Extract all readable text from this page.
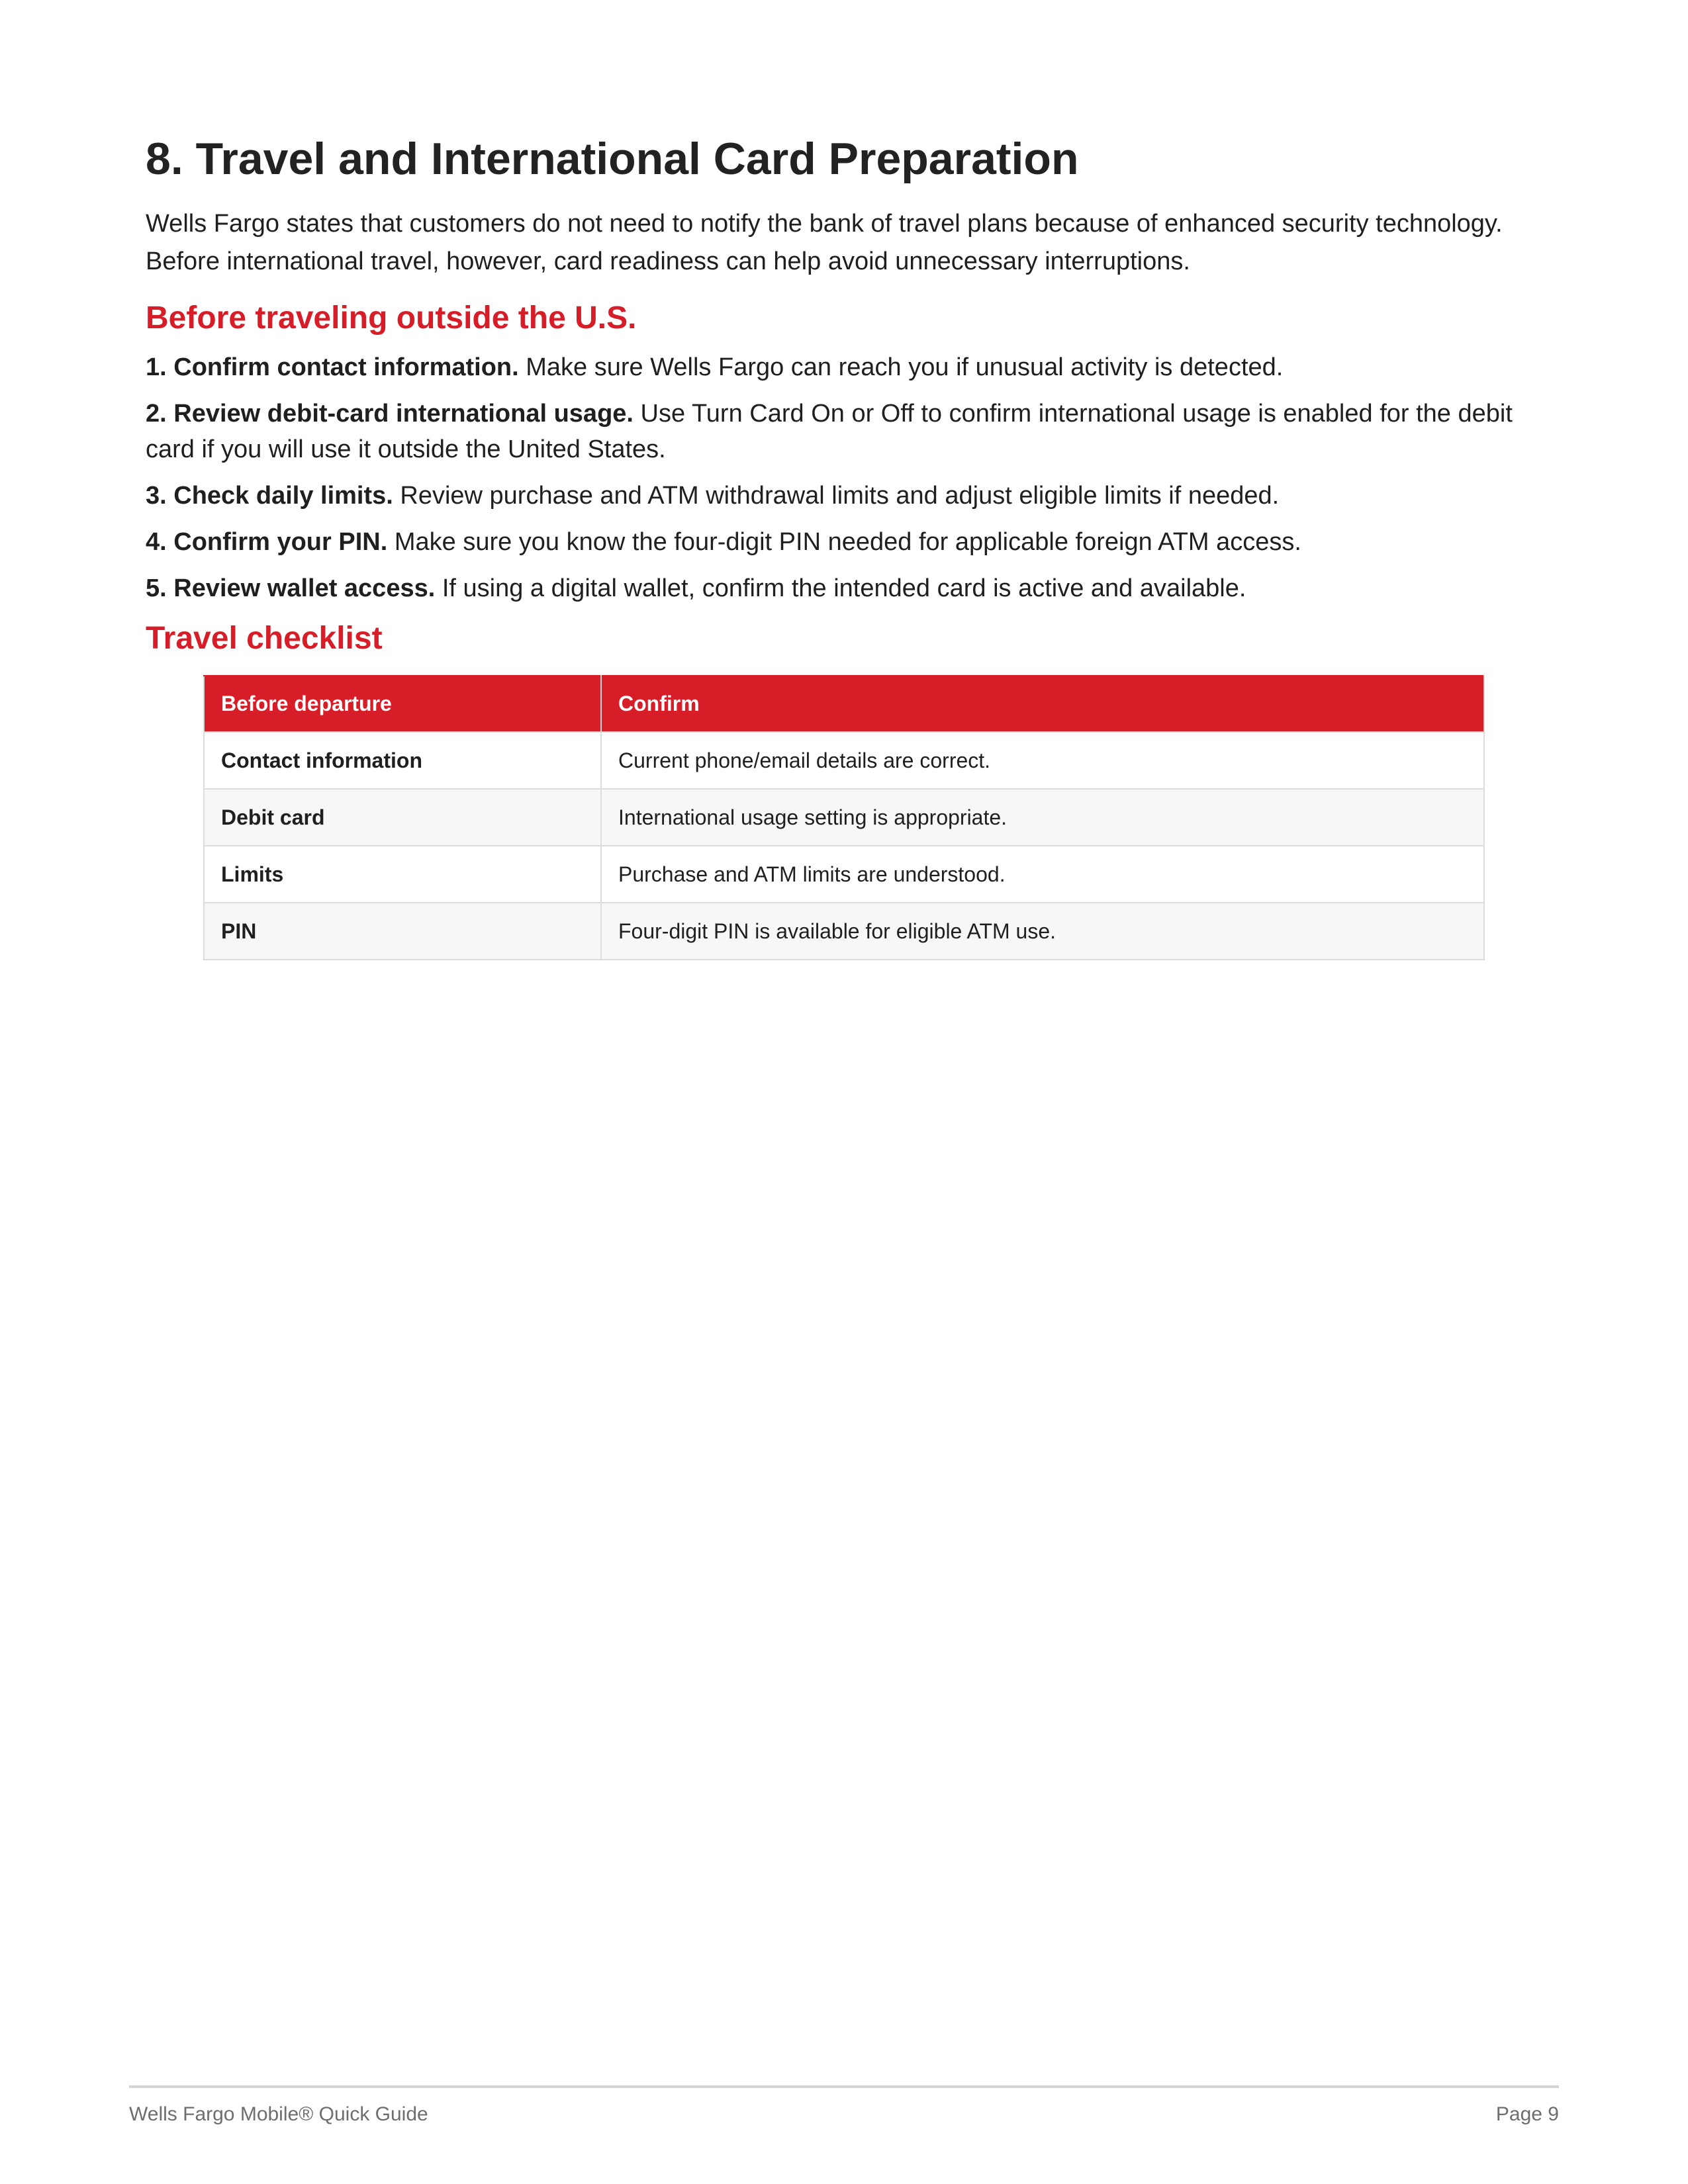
8. Travel and International Card Preparation

Wells Fargo states that customers do not need to notify the bank of travel plans because of enhanced security technology. Before international travel, however, card readiness can help avoid unnecessary interruptions.

Before traveling outside the U.S.
1. Confirm contact information. Make sure Wells Fargo can reach you if unusual activity is detected.
2. Review debit-card international usage. Use Turn Card On or Off to confirm international usage is enabled for the debit card if you will use it outside the United States.
3. Check daily limits. Review purchase and ATM withdrawal limits and adjust eligible limits if needed.
4. Confirm your PIN. Make sure you know the four-digit PIN needed for applicable foreign ATM access.
5. Review wallet access. If using a digital wallet, confirm the intended card is active and available.
Travel checklist
Before departure	Confirm
Contact information	Current phone/email details are correct.
Debit card	International usage setting is appropriate.
Limits	Purchase and ATM limits are understood.
PIN	Four-digit PIN is available for eligible ATM use.
Wells Fargo Mobile® Quick Guide	Page 9
